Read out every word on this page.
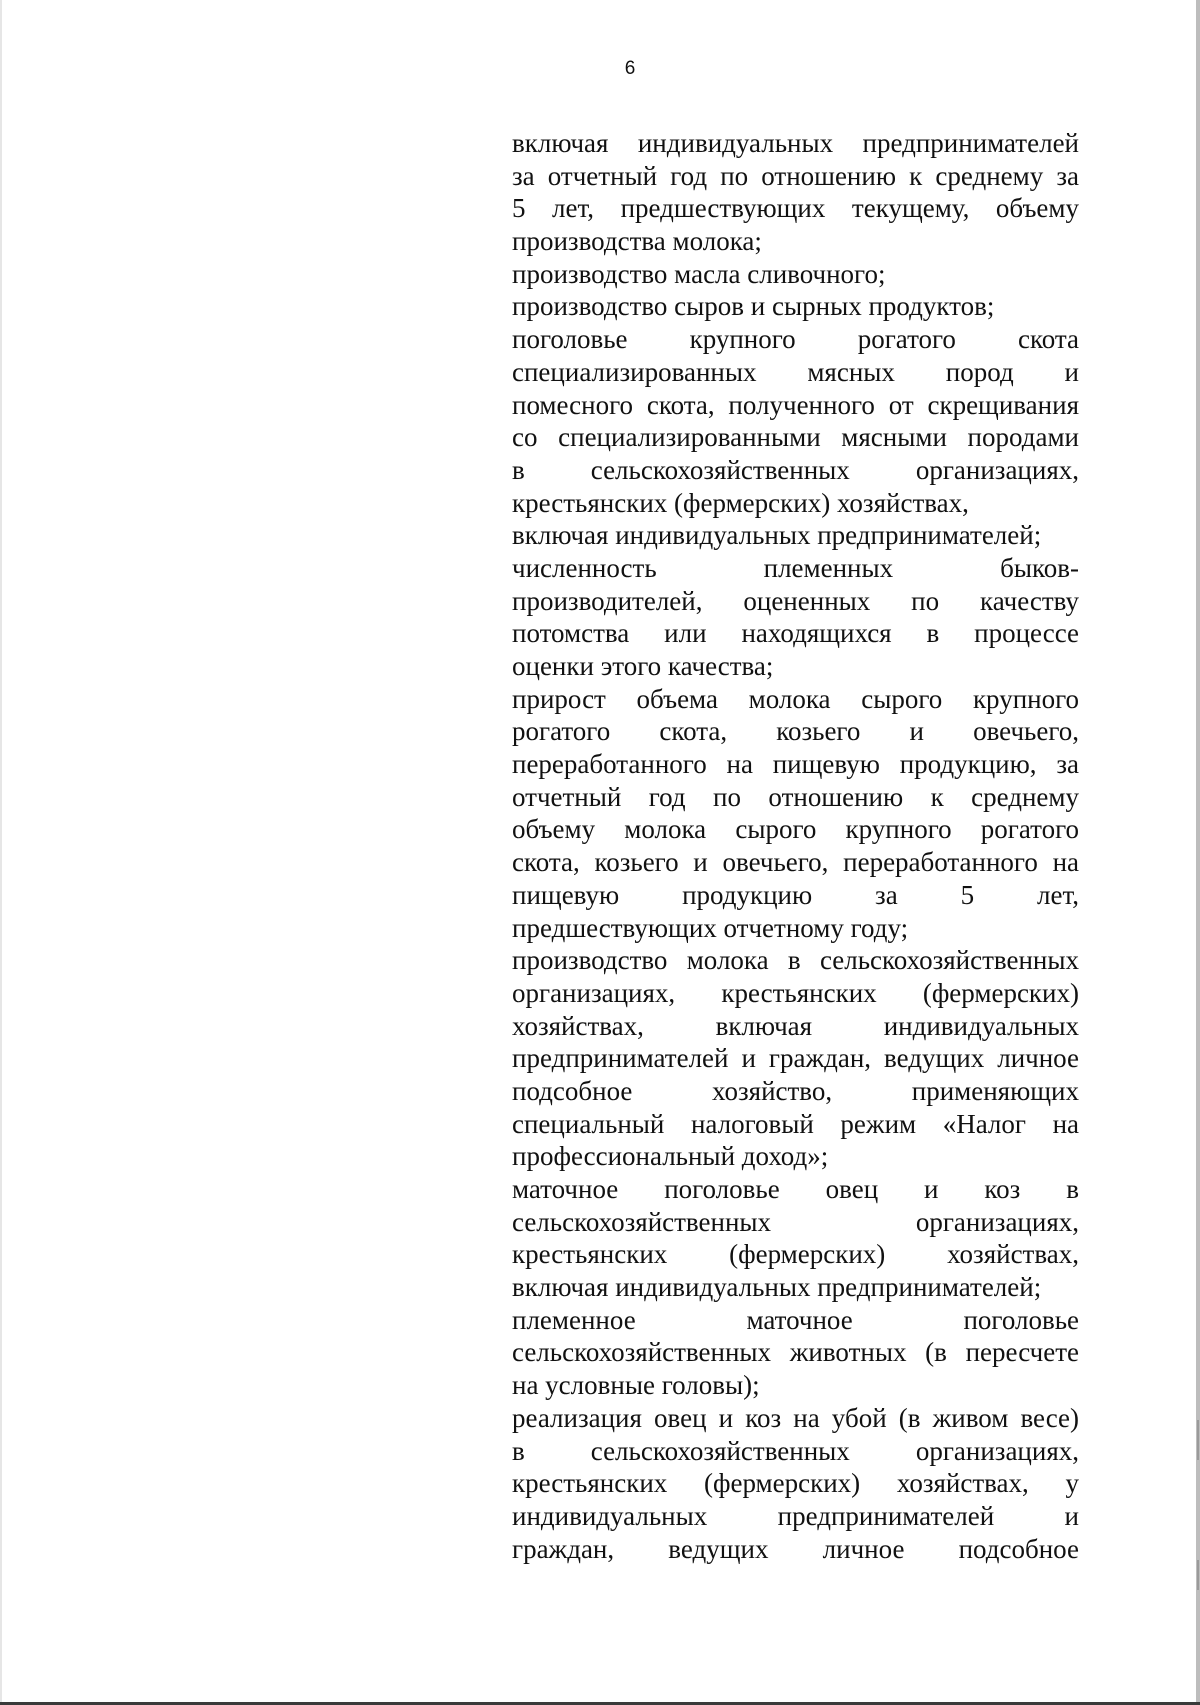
6
включая индивидуальных предпринимателей
за отчетный год по отношению к среднему за
5 лет, предшествующих текущему, объему
производства молока;
производство масла сливочного;
производство сыров и сырных продуктов;
поголовье крупного рогатого скота
специализированных мясных пород и
помесного скота, полученного от скрещивания
со специализированными мясными породами
в сельскохозяйственных организациях,
крестьянских (фермерских) хозяйствах,
включая индивидуальных предпринимателей;
численность племенных быков-
производителей, оцененных по качеству
потомства или находящихся в процессе
оценки этого качества;
прирост объема молока сырого крупного
рогатого скота, козьего и овечьего,
переработанного на пищевую продукцию, за
отчетный год по отношению к среднему
объему молока сырого крупного рогатого
скота, козьего и овечьего, переработанного на
пищевую продукцию за 5 лет,
предшествующих отчетному году;
производство молока в сельскохозяйственных
организациях, крестьянских (фермерских)
хозяйствах, включая индивидуальных
предпринимателей и граждан, ведущих личное
подсобное хозяйство, применяющих
специальный налоговый режим «Налог на
профессиональный доход»;
маточное поголовье овец и коз в
сельскохозяйственных организациях,
крестьянских (фермерских) хозяйствах,
включая индивидуальных предпринимателей;
племенное маточное поголовье
сельскохозяйственных животных (в пересчете
на условные головы);
реализация овец и коз на убой (в живом весе)
в сельскохозяйственных организациях,
крестьянских (фермерских) хозяйствах, у
индивидуальных предпринимателей и
граждан, ведущих личное подсобное
